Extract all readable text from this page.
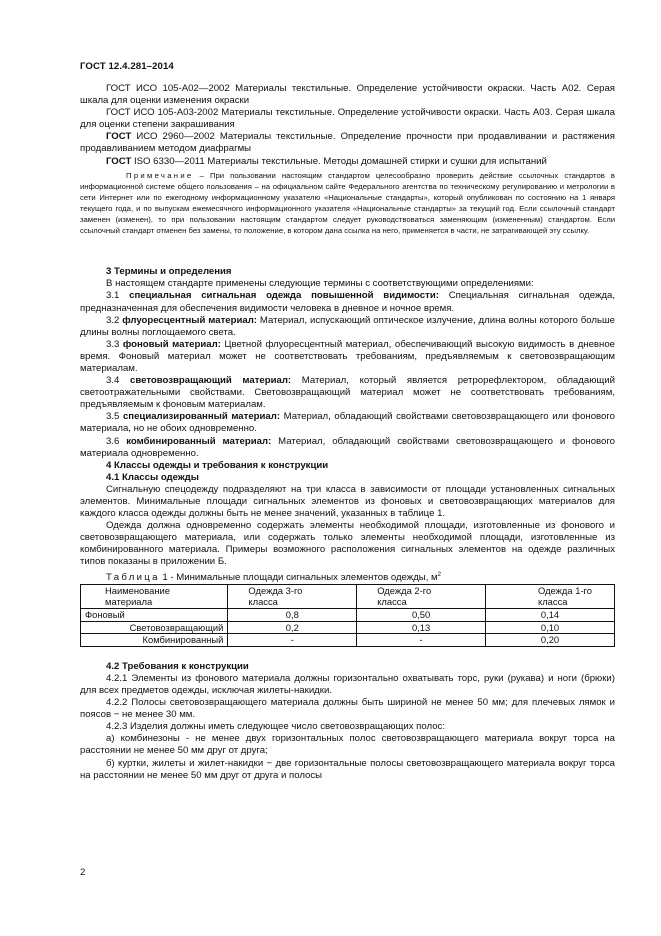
ГОСТ 12.4.281–2014

ГОСТ ИСО 105-А02—2002 Материалы текстильные. Определение устойчивости окраски. Часть А02. Серая шкала для оценки изменения окраски

ГОСТ ИСО 105-А03-2002 Материалы текстильные. Определение устойчивости окраски. Часть А03. Серая шкала для оценки степени закрашивания

ГОСТ ИСО 2960—2002 Материалы текстильные. Определение прочности при продавливании и растяжения продавливанием методом диафрагмы

ГОСТ ISO 6330—2011 Материалы текстильные. Методы домашней стирки и сушки для испытаний

Примечание – При пользовании настоящим стандартом целесообразно проверить действие ссылочных стандартов в информационной системе общего пользования – на официальном сайте Федерального агентства по техническому регулированию и метрологии в сети Интернет или по ежегодному информационному указателю «Национальные стандарты», который опубликован по состоянию на 1 января текущего года, и по выпускам ежемесячного информационного указателя «Национальные стандарты» за текущий год. Если ссылочный стандарт заменен (изменен), то при пользовании настоящим стандартом следует руководствоваться заменяющим (измененным) стандартом. Если ссылочный стандарт отменен без замены, то положение, в котором дана ссылка на него, применяется в части, не затрагивающей эту ссылку.

3 Термины и определения

В настоящем стандарте применены следующие термины с соответствующими определениями:

3.1 специальная сигнальная одежда повышенной видимости: Специальная сигнальная одежда, предназначенная для обеспечения видимости человека в дневное и ночное время.

3.2 флуоресцентный материал: Материал, испускающий оптическое излучение, длина волны которого больше длины волны поглощаемого света.

3.3 фоновый материал: Цветной флуоресцентный материал, обеспечивающий высокую видимость в дневное время. Фоновый материал может не соответствовать требованиям, предъявляемым к световозвращающим материалам.

3.4 световозвращающий материал: Материал, который является ретрорефлектором, обладающий светоотражательными свойствами. Световозвращающий материал может не соответствовать требованиям, предъявляемым к фоновым материалам.

3.5 специализированный материал: Материал, обладающий свойствами световозвращающего или фонового материала, но не обоих одновременно.

3.6 комбинированный материал: Материал, обладающий свойствами световозвращающего и фонового материала одновременно.

4 Классы одежды и требования к конструкции

4.1 Классы одежды

Сигнальную спецодежду подразделяют на три класса в зависимости от площади установленных сигнальных элементов. Минимальные площади сигнальных элементов из фоновых и световозвращающих материалов для каждого класса одежды должны быть не менее значений, указанных в таблице 1.

Одежда должна одновременно содержать элементы необходимой площади, изготовленные из фонового и световозвращающего материала, или содержать только элементы необходимой площади, изготовленные из комбинированного материала. Примеры возможного расположения сигнальных элементов на одежде различных типов показаны в приложении Б.

Таблица 1 - Минимальные площади сигнальных элементов одежды, $м^2$

Наименование материала	Одежда 3-го класса	Одежда 2-го класса	Одежда 1-го класса
Фоновый	0,8	0,50	0,14
Световозвращающий	0,2	0,13	0,10
Комбинированный	-	-	0,20

4.2 Требования к конструкции

4.2.1 Элементы из фонового материала должны горизонтально охватывать торс, руки (рукава) и ноги (брюки) для всех предметов одежды, исключая жилеты-накидки.

4.2.2 Полосы световозвращающего материала должны быть шириной не менее 50 мм; для плечевых лямок и поясов − не менее 30 мм.

4.2.3 Изделия должны иметь следующее число световозвращающих полос:

а) комбинезоны - не менее двух горизонтальных полос световозвращающего материала вокруг торса на расстоянии не менее 50 мм друг от друга;

б) куртки, жилеты и жилет-накидки − две горизонтальные полосы световозвращающего материала вокруг торса на расстоянии не менее 50 мм друг от друга и полосы

2
